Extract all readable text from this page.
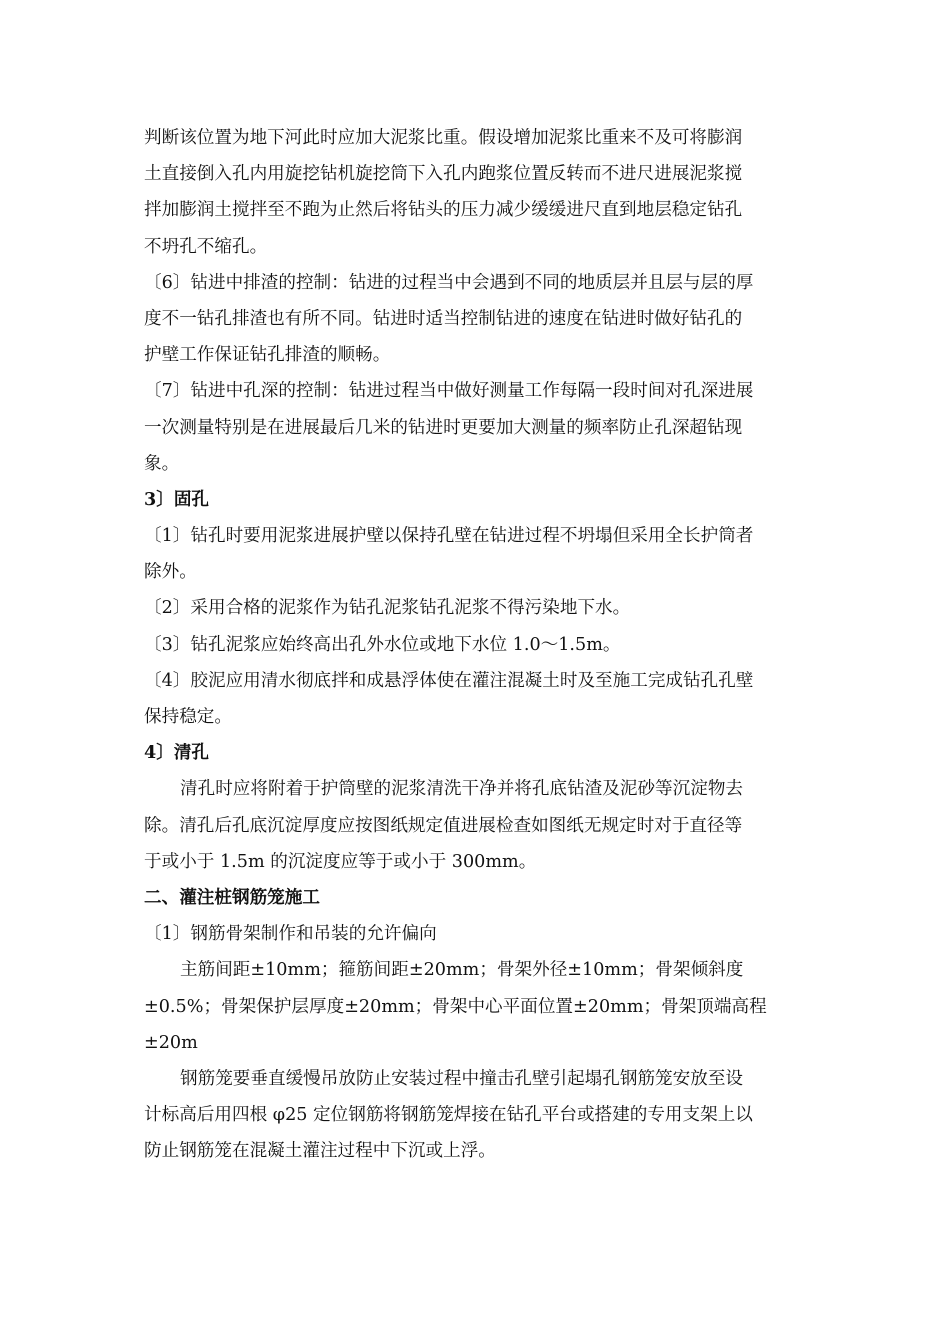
判断该位置为地下河此时应加大泥浆比重。假设增加泥浆比重来不及可将膨润
土直接倒入孔内用旋挖钻机旋挖筒下入孔内跑浆位置反转而不进尺进展泥浆搅
拌加膨润土搅拌至不跑为止然后将钻头的压力减少缓缓进尺直到地层稳定钻孔
不坍孔不缩孔。
〔6〕钻进中排渣的控制：钻进的过程当中会遇到不同的地质层并且层与层的厚
度不一钻孔排渣也有所不同。钻进时适当控制钻进的速度在钻进时做好钻孔的
护壁工作保证钻孔排渣的顺畅。
〔7〕钻进中孔深的控制：钻进过程当中做好测量工作每隔一段时间对孔深进展
一次测量特别是在进展最后几米的钻进时更要加大测量的频率防止孔深超钻现
象。
3〕固孔
〔1〕钻孔时要用泥浆进展护壁以保持孔壁在钻进过程不坍塌但采用全长护筒者
除外。
〔2〕采用合格的泥浆作为钻孔泥浆钻孔泥浆不得污染地下水。
〔3〕钻孔泥浆应始终高出孔外水位或地下水位 1.0～1.5m。
〔4〕胶泥应用清水彻底拌和成悬浮体使在灌注混凝土时及至施工完成钻孔孔壁
保持稳定。
4〕清孔
清孔时应将附着于护筒壁的泥浆清洗干净并将孔底钻渣及泥砂等沉淀物去
除。清孔后孔底沉淀厚度应按图纸规定值进展检查如图纸无规定时对于直径等
于或小于 1.5m 的沉淀度应等于或小于 300mm。
二、灌注桩钢筋笼施工
〔1〕钢筋骨架制作和吊装的允许偏向
主筋间距±10mm；箍筋间距±20mm；骨架外径±10mm；骨架倾斜度
±0.5%；骨架保护层厚度±20mm；骨架中心平面位置±20mm；骨架顶端高程
±20m
钢筋笼要垂直缓慢吊放防止安装过程中撞击孔壁引起塌孔钢筋笼安放至设
计标高后用四根 φ25 定位钢筋将钢筋笼焊接在钻孔平台或搭建的专用支架上以
防止钢筋笼在混凝土灌注过程中下沉或上浮。
